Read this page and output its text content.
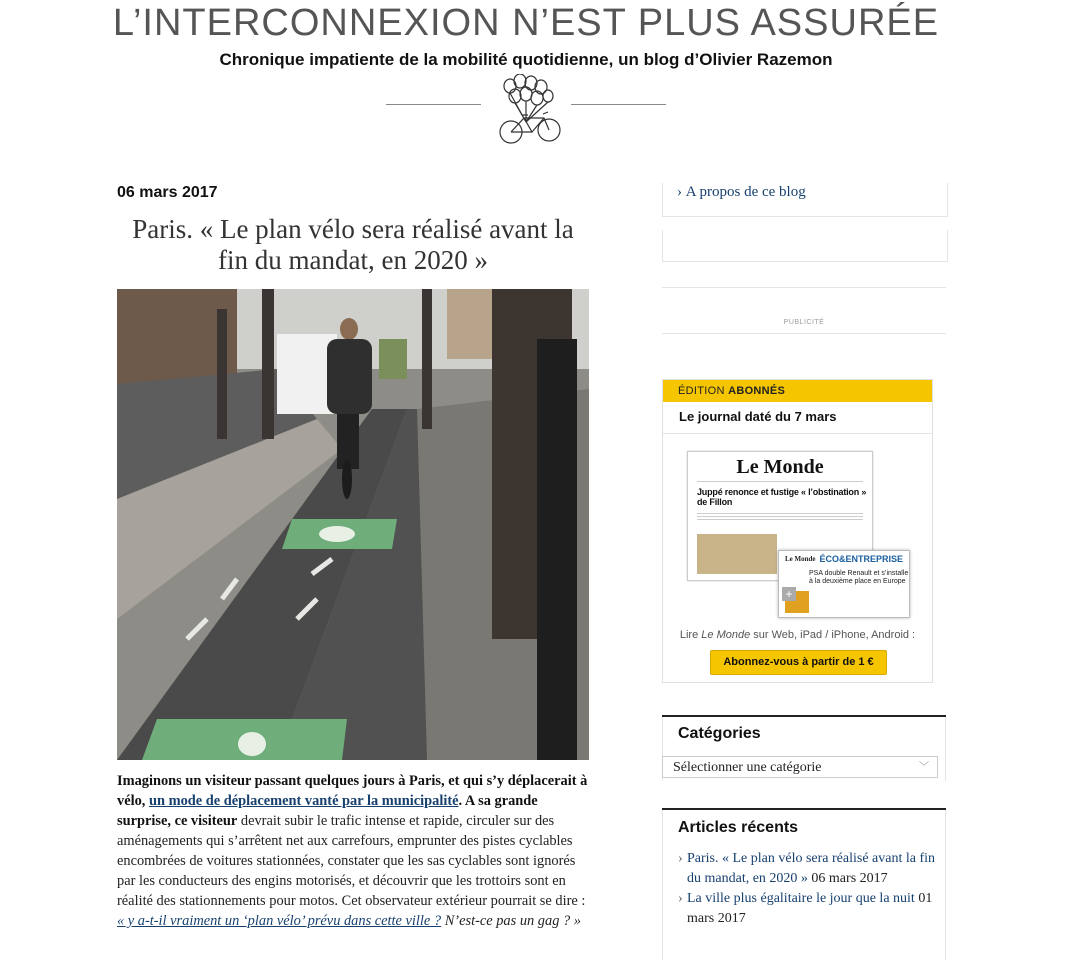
L’INTERCONNEXION N’EST PLUS ASSURÉE
Chronique impatiente de la mobilité quotidienne, un blog d’Olivier Razemon
06 mars 2017
Paris. « Le plan vélo sera réalisé avant la fin du mandat, en 2020 »
Imaginons un visiteur passant quelques jours à Paris, et qui s’y déplacerait à vélo, un mode de déplacement vanté par la municipalité. A sa grande surprise, ce visiteur devrait subir le trafic intense et rapide, circuler sur des aménagements qui s’arrêtent net aux carrefours, emprunter des pistes cyclables encombrées de voitures stationnées, constater que les sas cyclables sont ignorés par les conducteurs des engins motorisés, et découvrir que les trottoirs sont en réalité des stationnements pour motos. Cet observateur extérieur pourrait se dire : « y a-t-il vraiment un ‘plan vélo’ prévu dans cette ville ? N’est-ce pas un gag ? »
› A propos de ce blog
PUBLICITÉ
ÉDITION ABONNÉS
Le journal daté du 7 mars
Le Monde
Juppé renonce et fustige « l’obstination » de Fillon
Le Monde ÉCO&ENTREPRISE
PSA double Renault et s’installe à la deuxième place en Europe
+
Lire Le Monde sur Web, iPad / iPhone, Android :
Abonnez-vous à partir de 1 €
Catégories
Sélectionner une catégorie	﹀
Articles récents
› Paris. « Le plan vélo sera réalisé avant la fin du mandat, en 2020 » 06 mars 2017
› La ville plus égalitaire le jour que la nuit 01 mars 2017
